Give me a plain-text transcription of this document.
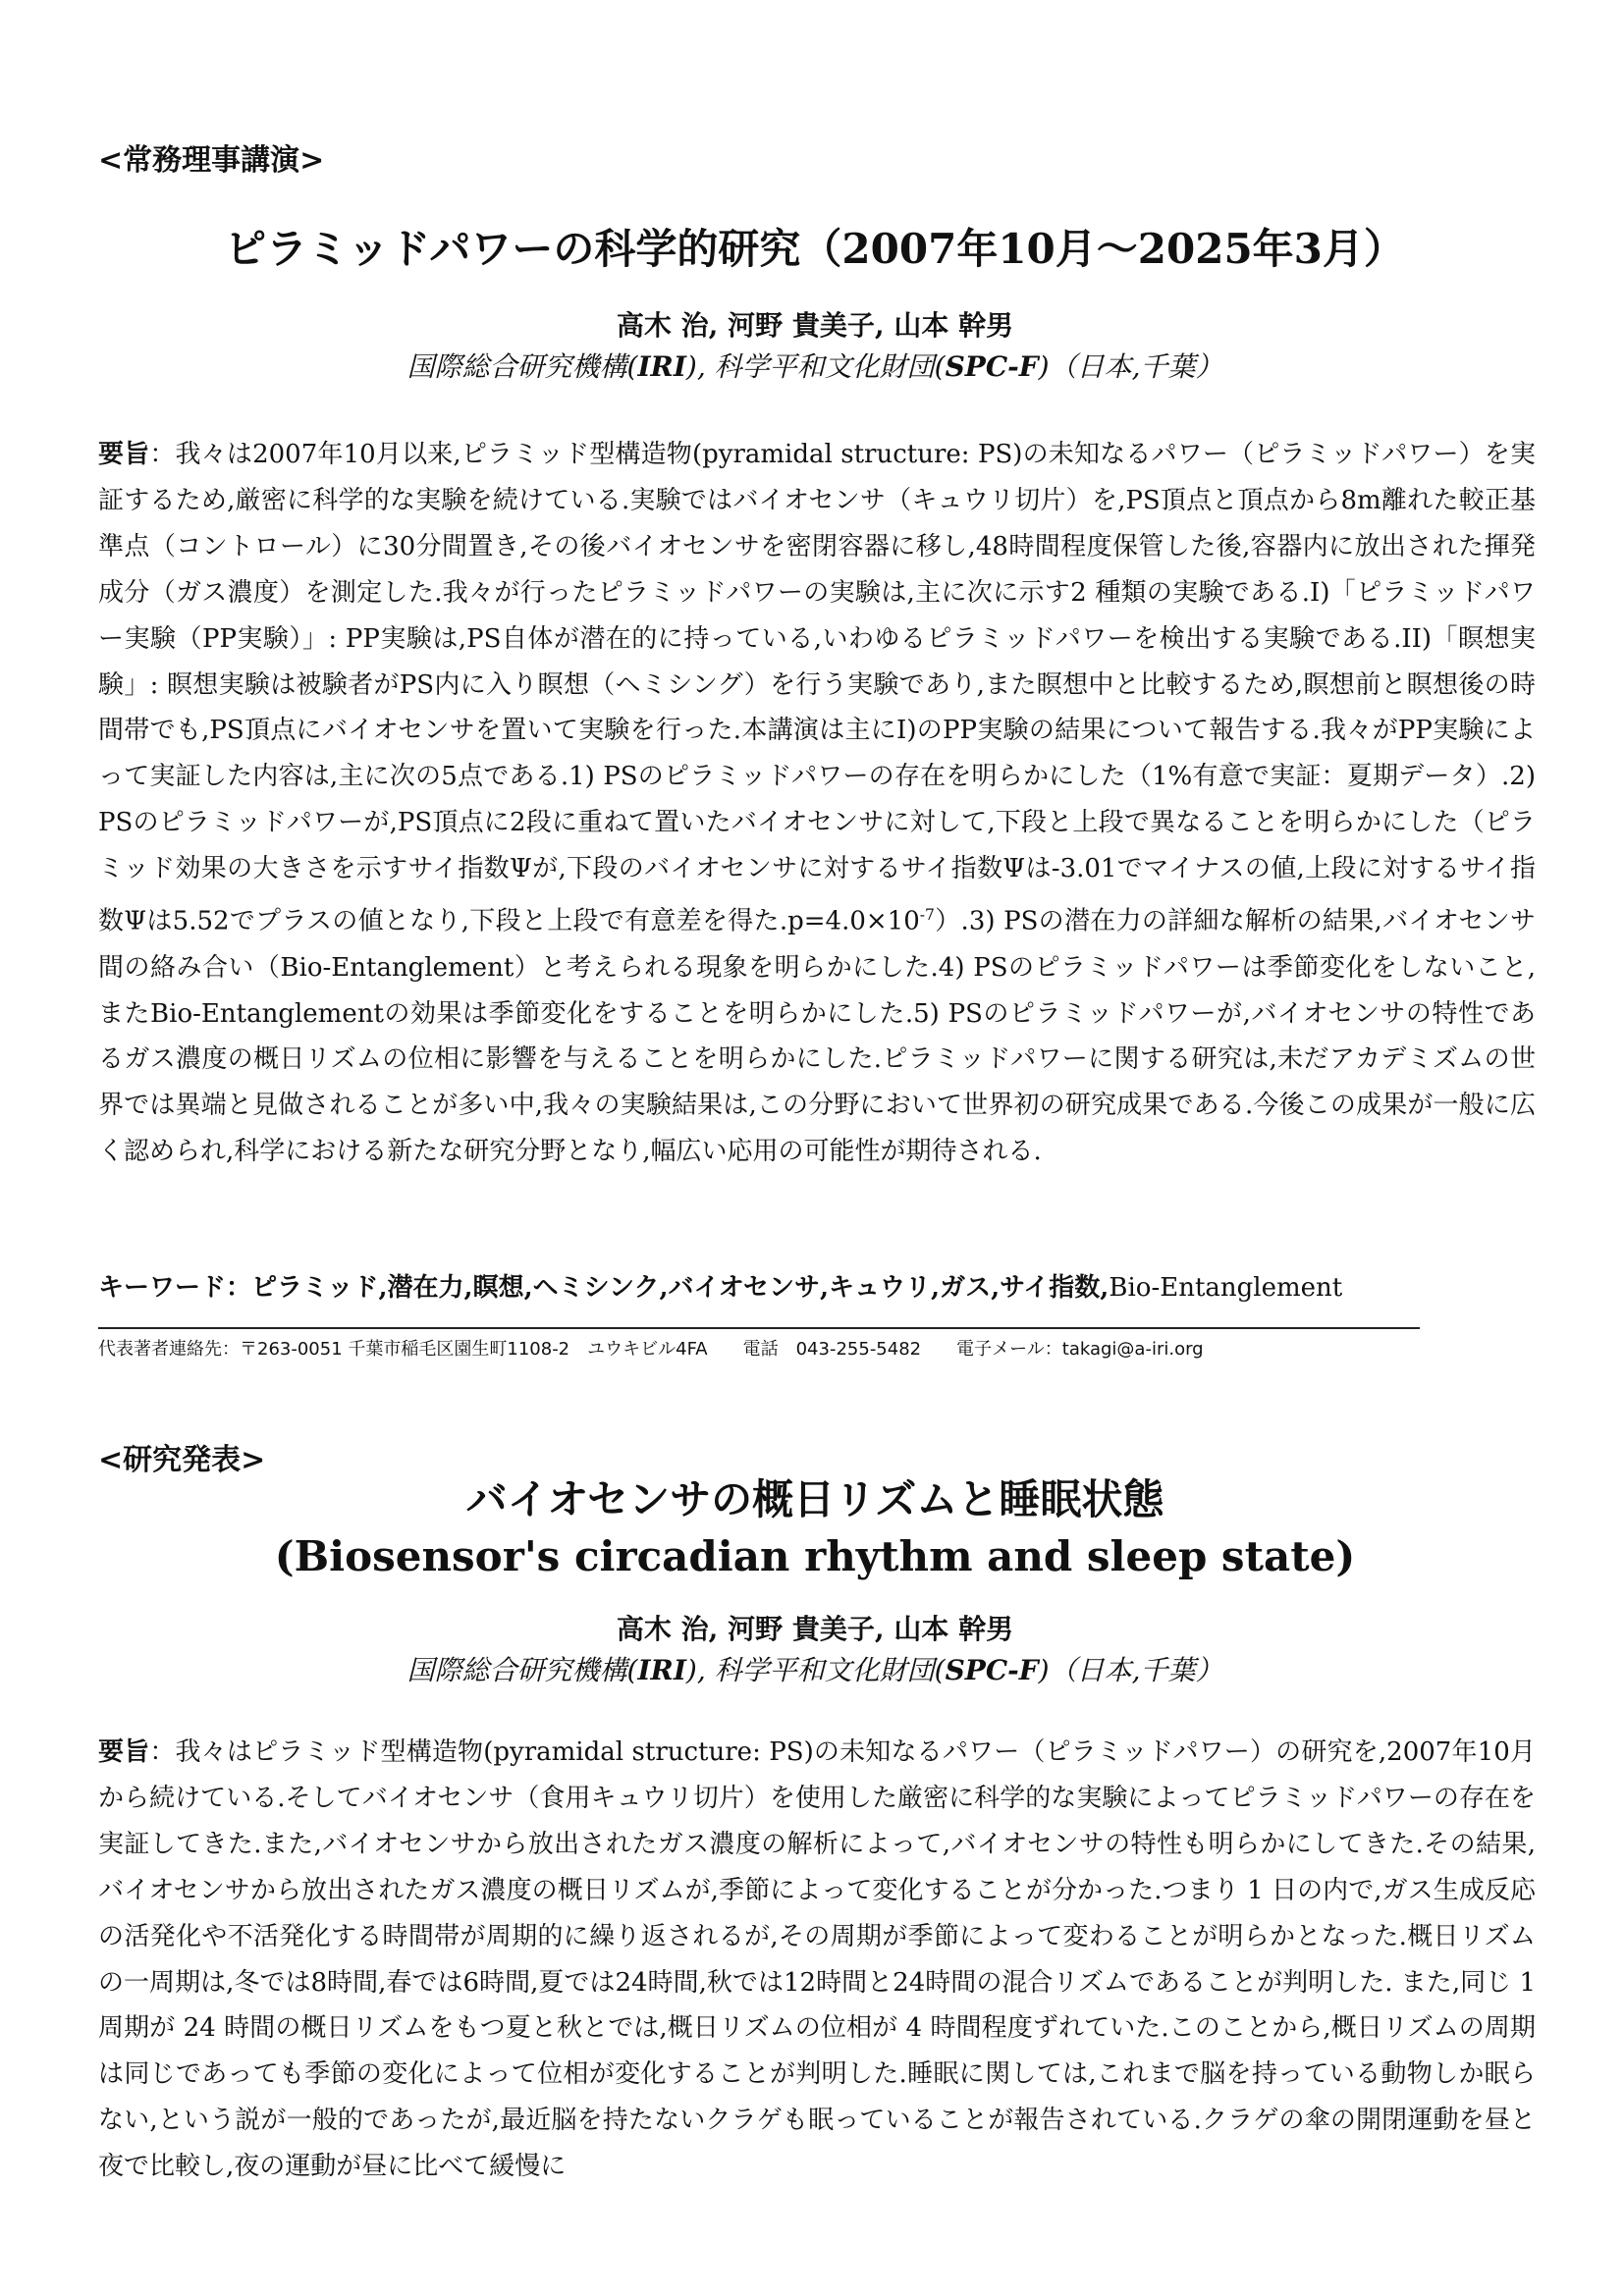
<常務理事講演>
ピラミッドパワーの科学的研究（2007年10月～2025年3月）
高木 治, 河野 貴美子, 山本 幹男
国際総合研究機構(IRI), 科学平和文化財団(SPC-F)（日本,千葉）

要旨：我々は2007年10月以来,ピラミッド型構造物(pyramidal structure: PS)の未知なるパワー（ピラミッドパワー）を実証するため,厳密に科学的な実験を続けている.実験ではバイオセンサ（キュウリ切片）を,PS頂点と頂点から8m離れた較正基準点（コントロール）に30分間置き,その後バイオセンサを密閉容器に移し,48時間程度保管した後,容器内に放出された揮発成分（ガス濃度）を測定した.我々が行ったピラミッドパワーの実験は,主に次に示す2 種類の実験である.I)「ピラミッドパワー実験（PP実験）」: PP実験は,PS自体が潜在的に持っている,いわゆるピラミッドパワーを検出する実験である.II)「瞑想実験」: 瞑想実験は被験者がPS内に入り瞑想（ヘミシング）を行う実験であり,また瞑想中と比較するため,瞑想前と瞑想後の時間帯でも,PS頂点にバイオセンサを置いて実験を行った.本講演は主にI)のPP実験の結果について報告する.我々がPP実験によって実証した内容は,主に次の5点である.1) PSのピラミッドパワーの存在を明らかにした（1%有意で実証：夏期データ）.2) PSのピラミッドパワーが,PS頂点に2段に重ねて置いたバイオセンサに対して,下段と上段で異なることを明らかにした（ピラミッド効果の大きさを示すサイ指数Ψが,下段のバイオセンサに対するサイ指数Ψは-3.01でマイナスの値,上段に対するサイ指数Ψは5.52でプラスの値となり,下段と上段で有意差を得た$.p=4.0\times 10^{-7}).3$) PSの潜在力の詳細な解析の結果,バイオセンサ間の絡み合い（Bio-Entanglement）と考えられる現象を明らかにした.4) PSのピラミッドパワーは季節変化をしないこと,またBio-Entanglementの効果は季節変化をすることを明らかにした.5) PSのピラミッドパワーが,バイオセンサの特性であるガス濃度の概日リズムの位相に影響を与えることを明らかにした.ピラミッドパワーに関する研究は,未だアカデミズムの世界では異端と見做されることが多い中,我々の実験結果は,この分野において世界初の研究成果である.今後この成果が一般に広く認められ,科学における新たな研究分野となり,幅広い応用の可能性が期待される.

キーワード：ピラミッド,潜在力,瞑想,ヘミシンク,バイオセンサ,キュウリ,ガス,サイ指数,Bio-Entanglement
代表著者連絡先：〒263-0051 千葉市稲毛区園生町1108-2　ユウキビル4FA 電話　043-255-5482 電子メール：takagi@a-iri.org
<研究発表>
バイオセンサの概日リズムと睡眠状態
(Biosensor's circadian rhythm and sleep state)
高木 治, 河野 貴美子, 山本 幹男
国際総合研究機構(IRI), 科学平和文化財団(SPC-F)（日本,千葉）

要旨：我々はピラミッド型構造物(pyramidal structure: PS)の未知なるパワー（ピラミッドパワー）の研究を,2007年10月から続けている.そしてバイオセンサ（食用キュウリ切片）を使用した厳密に科学的な実験によってピラミッドパワーの存在を実証してきた.また,バイオセンサから放出されたガス濃度の解析によって,バイオセンサの特性も明らかにしてきた.その結果,バイオセンサから放出されたガス濃度の概日リズムが,季節によって変化することが分かった.つまり 1 日の内で,ガス生成反応の活発化や不活発化する時間帯が周期的に繰り返されるが,その周期が季節によって変わることが明らかとなった.概日リズムの一周期は,冬では8時間,春では6時間,夏では24時間,秋では12時間と24時間の混合リズムであることが判明した. また,同じ 1 周期が 24 時間の概日リズムをもつ夏と秋とでは,概日リズムの位相が 4 時間程度ずれていた.このことから,概日リズムの周期は同じであっても季節の変化によって位相が変化することが判明した.睡眠に関しては,これまで脳を持っている動物しか眠らない,という説が一般的であったが,最近脳を持たないクラゲも眠っていることが報告されている.クラゲの傘の開閉運動を昼と夜で比較し,夜の運動が昼に比べて緩慢に
